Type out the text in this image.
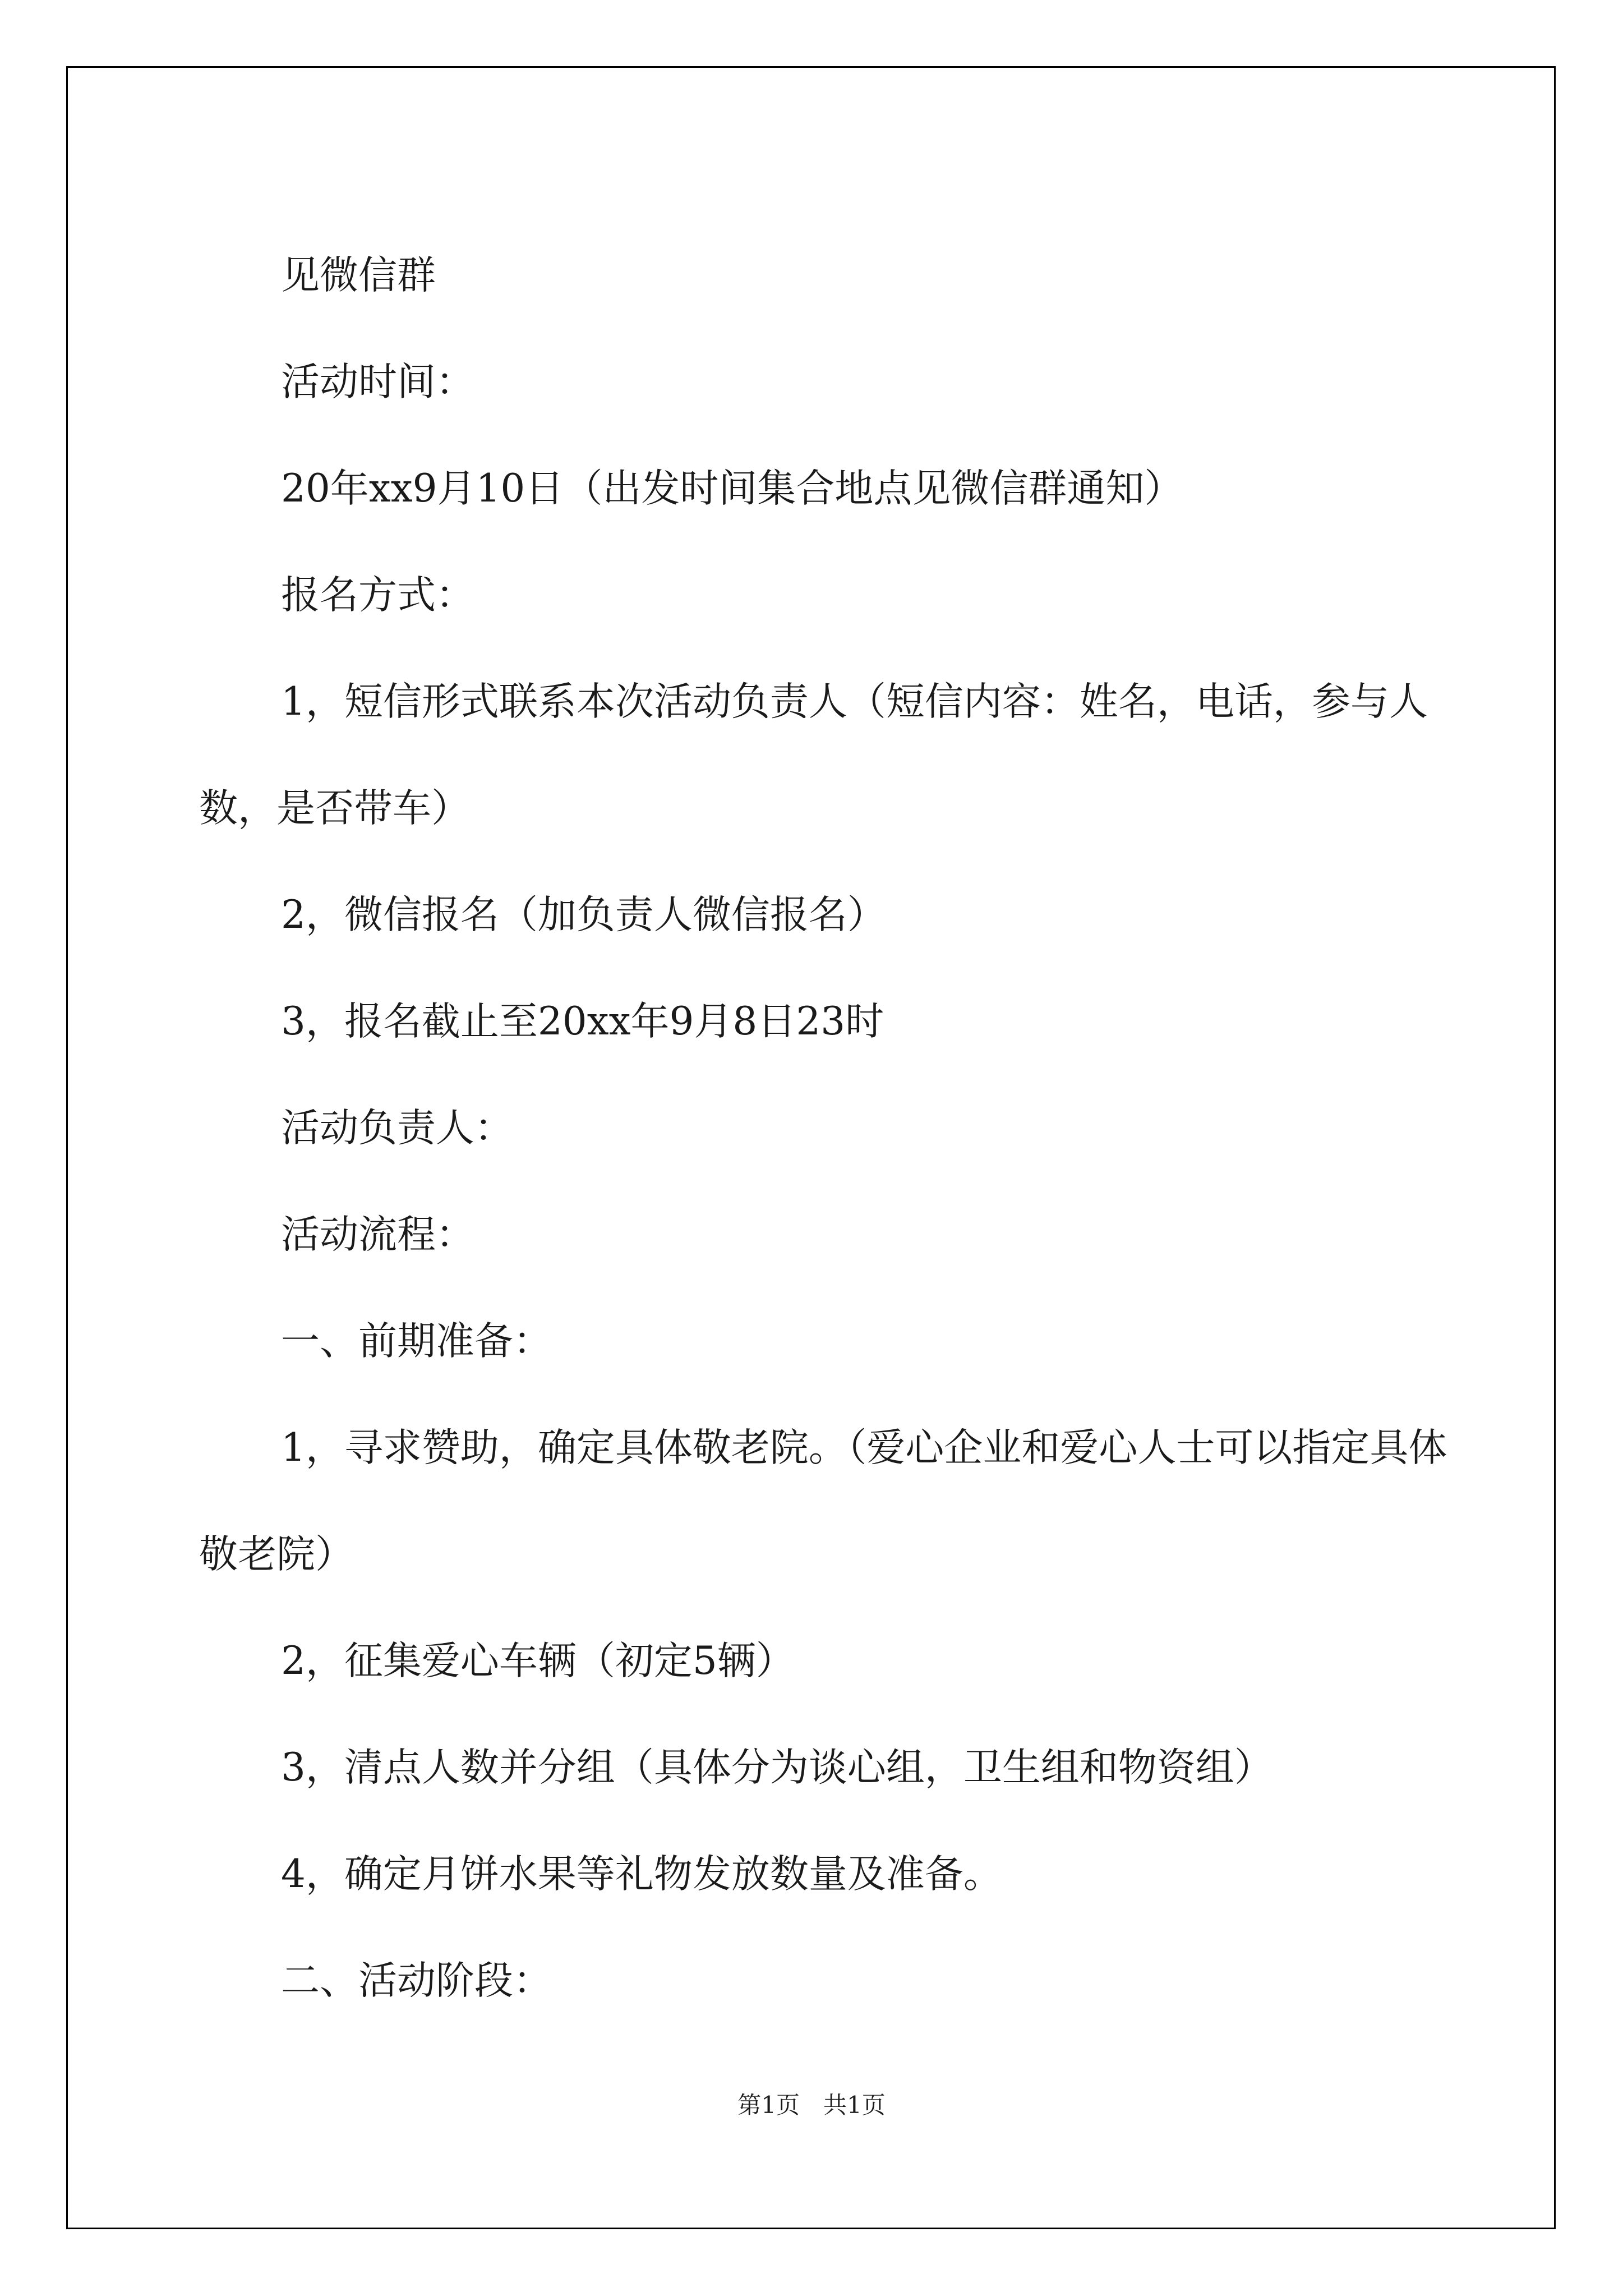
见微信群

活动时间：

20年xx9月10日（出发时间集合地点见微信群通知）

报名方式：

1，短信形式联系本次活动负责人（短信内容：姓名，电话，参与人数，是否带车）

2，微信报名（加负责人微信报名）

3，报名截止至20xx年9月8日23时

活动负责人：

活动流程：

一、前期准备：

1，寻求赞助，确定具体敬老院。（爱心企业和爱心人士可以指定具体敬老院）

2，征集爱心车辆（初定5辆）

3，清点人数并分组（具体分为谈心组，卫生组和物资组）

4，确定月饼水果等礼物发放数量及准备。

二、活动阶段：

第1页　共1页
